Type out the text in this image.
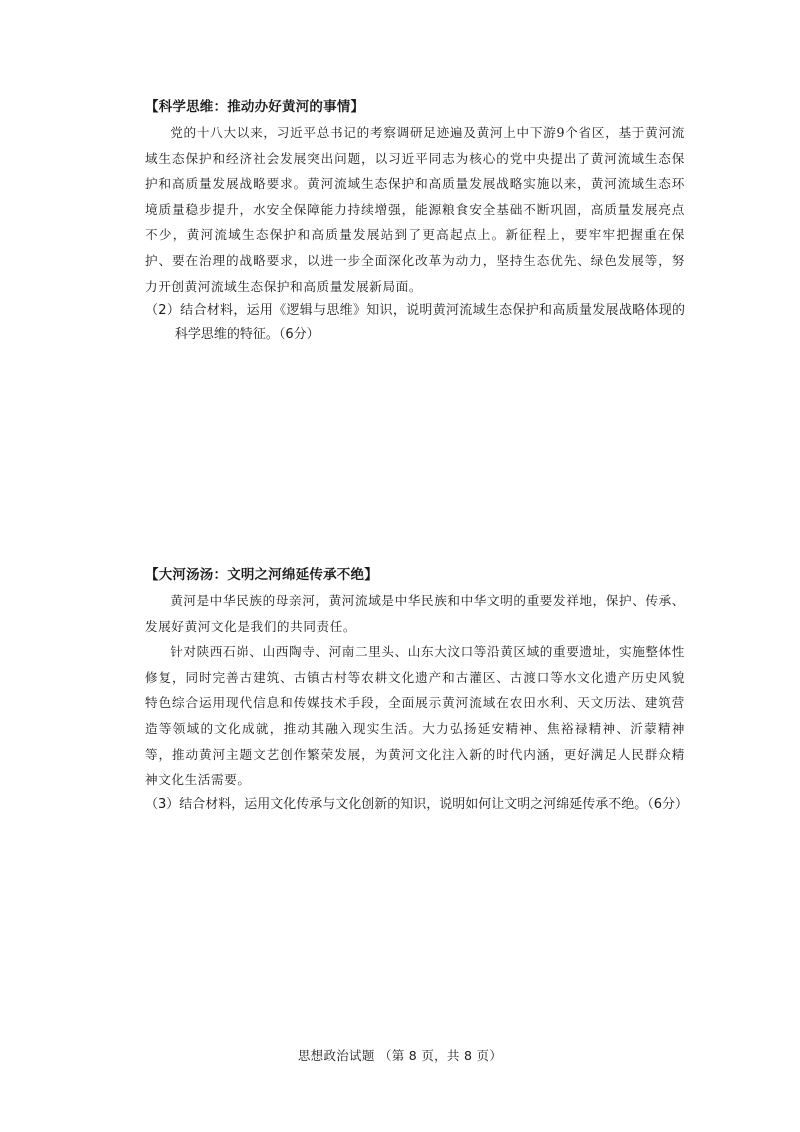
【科学思维：推动办好黄河的事情】

党的十八大以来，习近平总书记的考察调研足迹遍及黄河上中下游9个省区，基于黄河流域生态保护和经济社会发展突出问题，以习近平同志为核心的党中央提出了黄河流域生态保护和高质量发展战略要求。黄河流域生态保护和高质量发展战略实施以来，黄河流域生态环境质量稳步提升，水安全保障能力持续增强，能源粮食安全基础不断巩固，高质量发展亮点不少，黄河流域生态保护和高质量发展站到了更高起点上。新征程上，要牢牢把握重在保护、要在治理的战略要求，以进一步全面深化改革为动力，坚持生态优先、绿色发展等，努力开创黄河流域生态保护和高质量发展新局面。

（2）结合材料，运用《逻辑与思维》知识，说明黄河流域生态保护和高质量发展战略体现的科学思维的特征。（6分）

【大河汤汤：文明之河绵延传承不绝】

黄河是中华民族的母亲河，黄河流域是中华民族和中华文明的重要发祥地，保护、传承、发展好黄河文化是我们的共同责任。

针对陕西石峁、山西陶寺、河南二里头、山东大汶口等沿黄区域的重要遗址，实施整体性修复，同时完善古建筑、古镇古村等农耕文化遗产和古灌区、古渡口等水文化遗产历史风貌特色综合运用现代信息和传媒技术手段，全面展示黄河流域在农田水利、天文历法、建筑营造等领域的文化成就，推动其融入现实生活。大力弘扬延安精神、焦裕禄精神、沂蒙精神等，推动黄河主题文艺创作繁荣发展，为黄河文化注入新的时代内涵，更好满足人民群众精神文化生活需要。

（3）结合材料，运用文化传承与文化创新的知识，说明如何让文明之河绵延传承不绝。（6分）

思想政治试题 （第 8 页，共 8 页）
